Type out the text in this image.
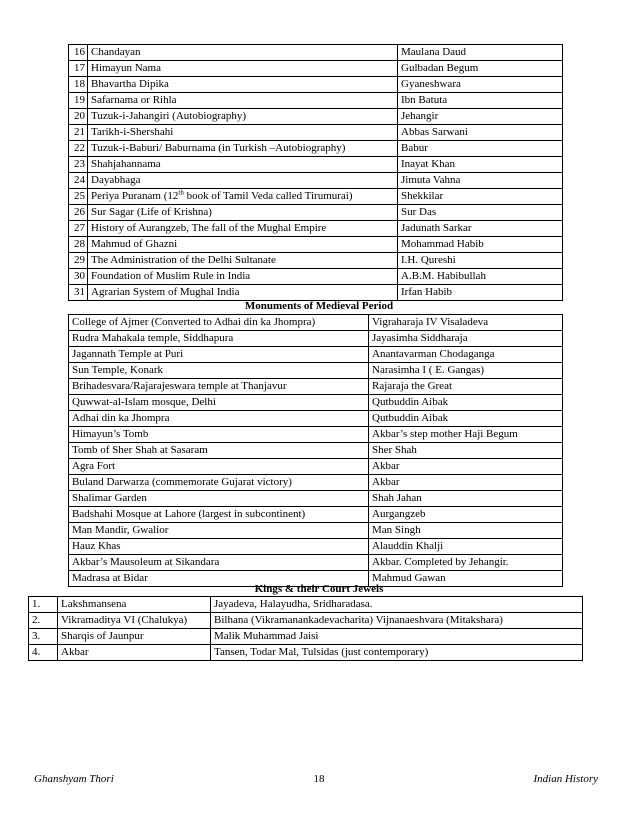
16	Chandayan	Maulana Daud
17	Himayun Nama	Gulbadan Begum
18	Bhavartha Dipika	Gyaneshwara
19	Safarnama or Rihla	Ibn Batuta
20	Tuzuk-i-Jahangiri (Autobiography)	Jehangir
21	Tarikh-i-Shershahi	Abbas Sarwani
22	Tuzuk-i-Baburi/ Baburnama (in Turkish –Autobiography)	Babur
23	Shahjahannama	Inayat Khan
24	Dayabhaga	Jimuta Vahna
25	Periya Puranam (12th book of Tamil Veda called Tirumurai)	Shekkilar
26	Sur Sagar (Life of Krishna)	Sur Das
27	History of Aurangzeb, The fall of the Mughal Empire	Jadunath Sarkar
28	Mahmud of Ghazni	Mohammad Habib
29	The Administration of the Delhi Sultanate	I.H. Qureshi
30	Foundation of Muslim Rule in India	A.B.M. Habibullah
31	Agrarian System of Mughal India	Irfan Habib
Monuments of Medieval Period
College of Ajmer (Converted to Adhai din ka Jhompra)	Vigraharaja IV Visaladeva
Rudra Mahakala temple, Siddhapura	Jayasimha Siddharaja
Jagannath Temple at Puri	Anantavarman Chodaganga
Sun Temple, Konark	Narasimha I ( E. Gangas)
Brihadesvara/Rajarajeswara temple at Thanjavur	Rajaraja the Great
Quwwat-al-Islam mosque, Delhi	Qutbuddin Aibak
Adhai din ka Jhompra	Qutbuddin Aibak
Himayun’s Tomb	Akbar’s step mother Haji Begum
Tomb of Sher Shah at Sasaram	Sher Shah
Agra Fort	Akbar
Buland Darwarza (commemorate Gujarat victory)	Akbar
Shalimar Garden	Shah Jahan
Badshahi Mosque at Lahore (largest in subcontinent)	Aurgangzeb
Man Mandir, Gwalior	Man Singh
Hauz Khas	Alauddin Khalji
Akbar’s Mausoleum at Sikandara	Akbar. Completed by Jehangir.
Madrasa at Bidar	Mahmud Gawan
Kings & their Court Jewels
1.	Lakshmansena	Jayadeva, Halayudha, Sridharadasa.
2.	Vikramaditya VI (Chalukya)	Bilhana (Vikramanankadevacharita) Vijnanaeshvara (Mitakshara)
3.	Sharqis of Jaunpur	Malik Muhammad Jaisi
4.	Akbar	Tansen, Todar Mal, Tulsidas (just contemporary)
Ghanshyam Thori	18	Indian History
